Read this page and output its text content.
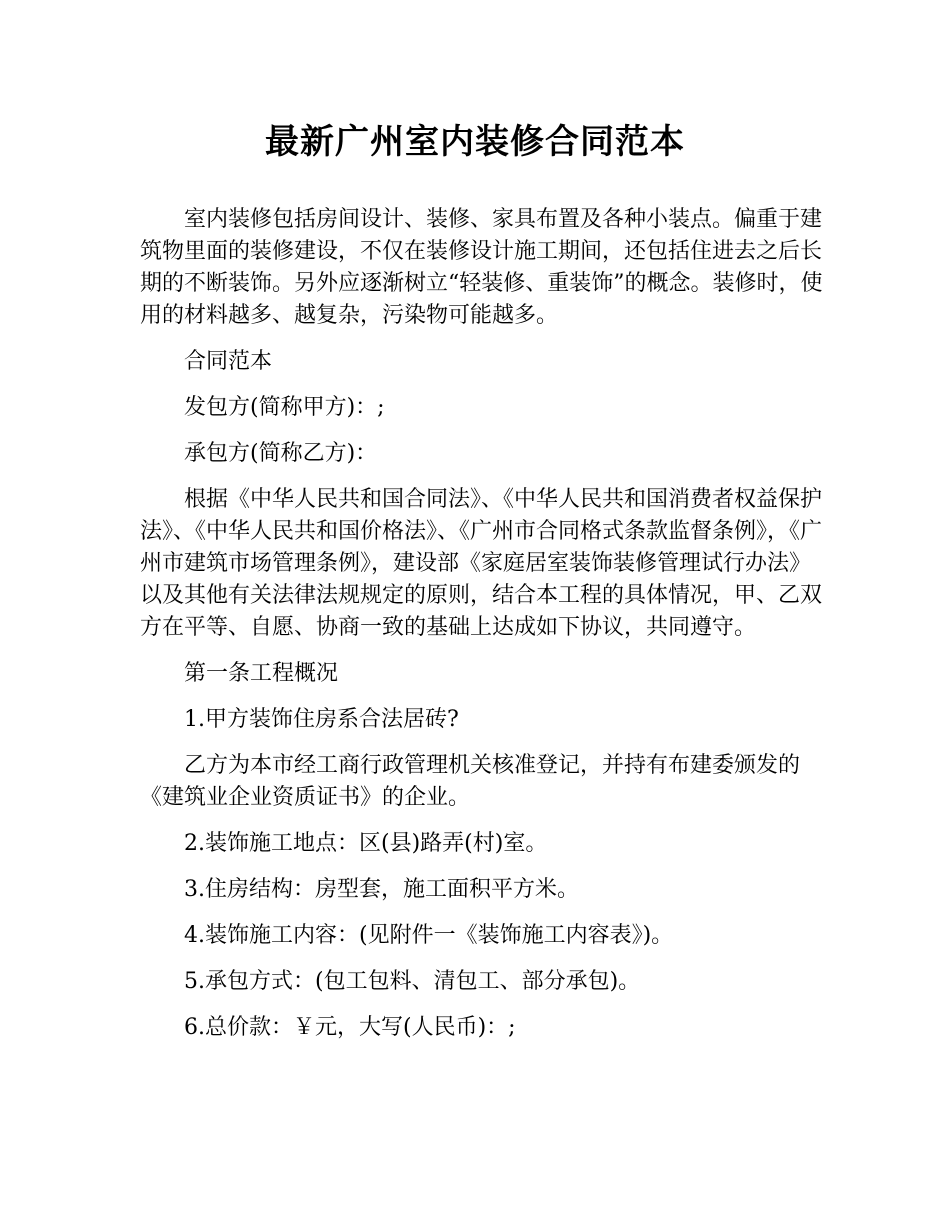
最新广州室内装修合同范本

室内装修包括房间设计、装修、家具布置及各种小装点。偏重于建筑物里面的装修建设，不仅在装修设计施工期间，还包括住进去之后长期的不断装饰。另外应逐渐树立“轻装修、重装饰”的概念。装修时，使用的材料越多、越复杂，污染物可能越多。

合同范本

发包方(简称甲方)：;

承包方(简称乙方)：

根据《中华人民共和国合同法》、《中华人民共和国消费者权益保护法》、《中华人民共和国价格法》、《广州市合同格式条款监督条例》，《广州市建筑市场管理条例》，建设部《家庭居室装饰装修管理试行办法》以及其他有关法律法规规定的原则，结合本工程的具体情况，甲、乙双方在平等、自愿、协商一致的基础上达成如下协议，共同遵守。

第一条工程概况

1.甲方装饰住房系合法居砖?

乙方为本市经工商行政管理机关核准登记，并持有布建委颁发的《建筑业企业资质证书》的企业。

2.装饰施工地点：区(县)路弄(村)室。

3.住房结构：房型套，施工面积平方米。

4.装饰施工内容：(见附件一《装饰施工内容表》)。

5.承包方式：(包工包料、清包工、部分承包)。

6.总价款：￥元，大写(人民币)：;
